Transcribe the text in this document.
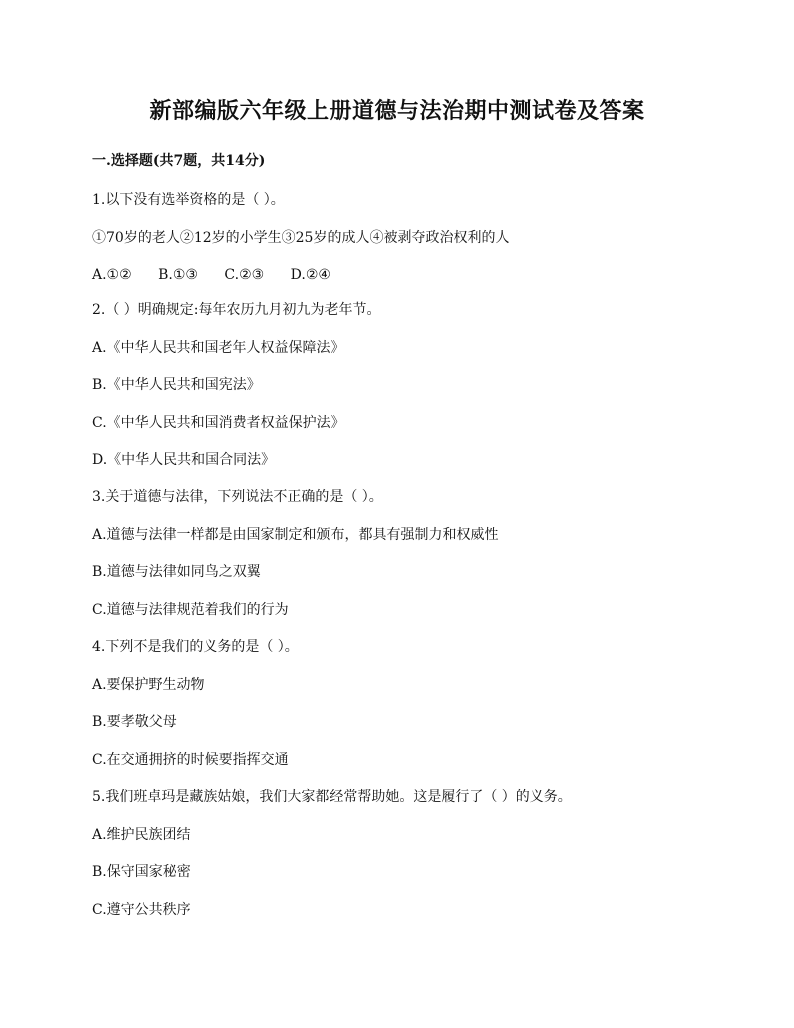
新部编版六年级上册道德与法治期中测试卷及答案
一.选择题(共7题，共14分)
1.以下没有选举资格的是（ ）。
①70岁的老人②12岁的小学生③25岁的成人④被剥夺政治权利的人
A.①② B.①③ C.②③ D.②④
2.（ ）明确规定:每年农历九月初九为老年节。
A.《中华人民共和国老年人权益保障法》
B.《中华人民共和国宪法》
C.《中华人民共和国消费者权益保护法》
D.《中华人民共和国合同法》
3.关于道德与法律，下列说法不正确的是（ ）。
A.道德与法律一样都是由国家制定和颁布，都具有强制力和权威性
B.道德与法律如同鸟之双翼
C.道德与法律规范着我们的行为
4.下列不是我们的义务的是（ ）。
A.要保护野生动物
B.要孝敬父母
C.在交通拥挤的时候要指挥交通
5.我们班卓玛是藏族姑娘，我们大家都经常帮助她。这是履行了（ ）的义务。
A.维护民族团结
B.保守国家秘密
C.遵守公共秩序
